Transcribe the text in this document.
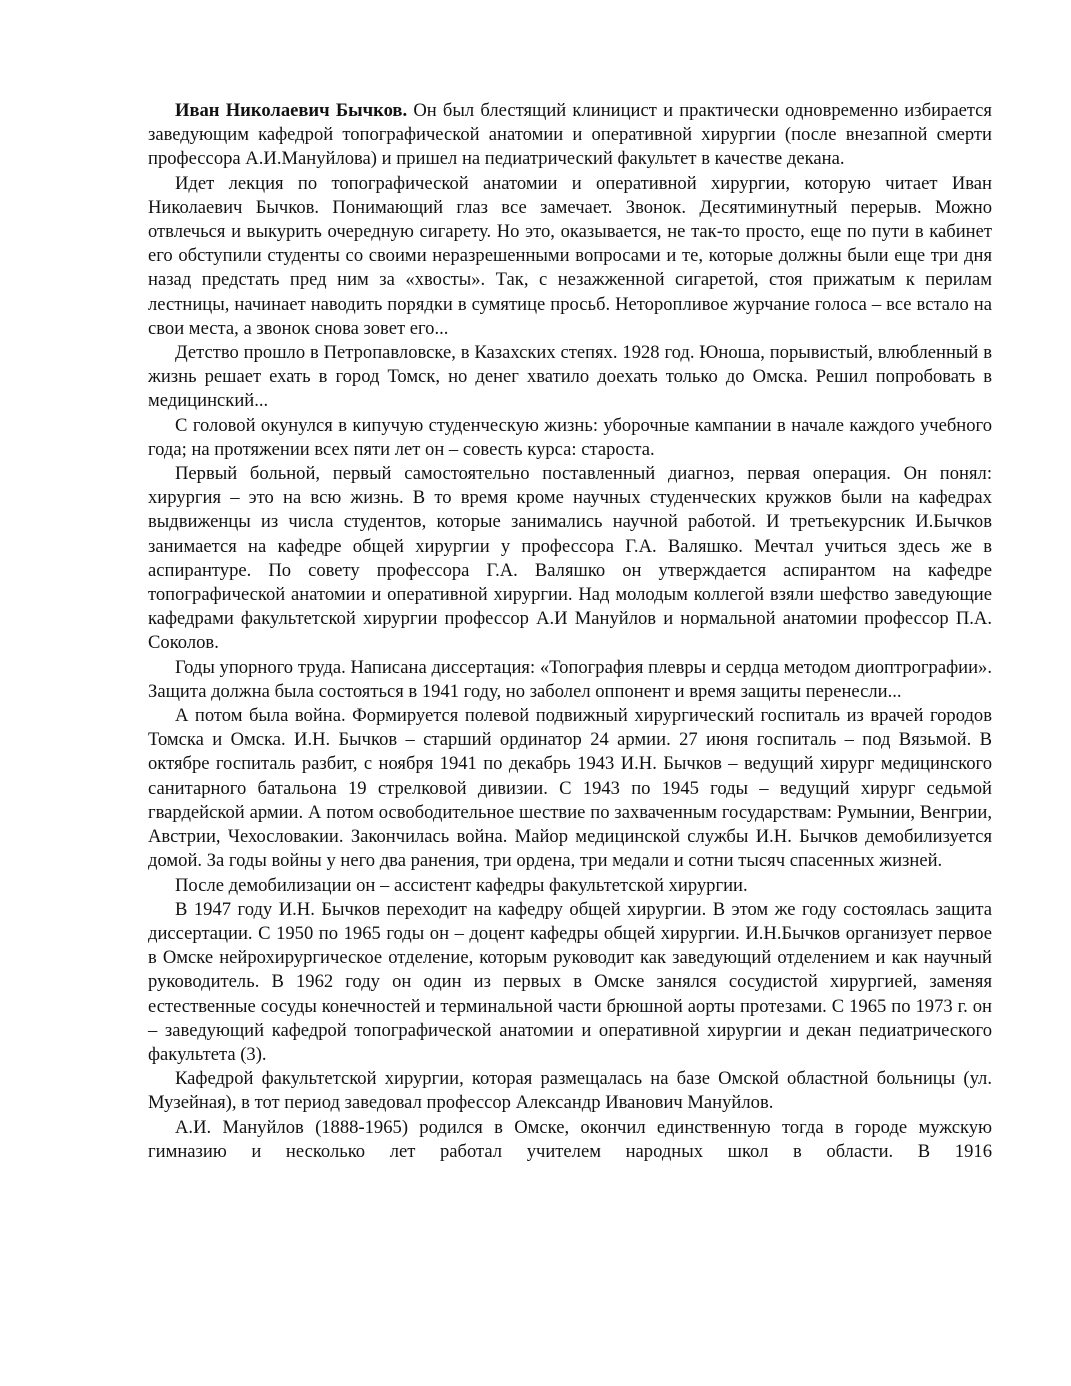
Иван Николаевич Бычков. Он был блестящий клиницист и практически одновременно избирается заведующим кафедрой топографической анатомии и оперативной хирургии (после внезапной смерти профессора А.И.Мануйлова) и пришел на педиатрический факультет в качестве декана.

Идет лекция по топографической анатомии и оперативной хирургии, которую читает Иван Николаевич Бычков. Понимающий глаз все замечает. Звонок. Десятиминутный перерыв. Можно отвлечься и выкурить очередную сигарету. Но это, оказывается, не так-то просто, еще по пути в кабинет его обступили студенты со своими неразрешенными вопросами и те, которые должны были еще три дня назад предстать пред ним за «хвосты». Так, с незажженной сигаретой, стоя прижатым к перилам лестницы, начинает наводить порядки в сумятице просьб. Неторопливое журчание голоса – все встало на свои места, а звонок снова зовет его...

Детство прошло в Петропавловске, в Казахских степях. 1928 год. Юноша, порывистый, влюбленный в жизнь решает ехать в город Томск, но денег хватило доехать только до Омска. Решил попробовать в медицинский...

С головой окунулся в кипучую студенческую жизнь: уборочные кампании в начале каждого учебного года; на протяжении всех пяти лет он – совесть курса: староста.

Первый больной, первый самостоятельно поставленный диагноз, первая операция. Он понял: хирургия – это на всю жизнь. В то время кроме научных студенческих кружков были на кафедрах выдвиженцы из числа студентов, которые занимались научной работой. И третьекурсник И.Бычков занимается на кафедре общей хирургии у профессора Г.А. Валяшко. Мечтал учиться здесь же в аспирантуре. По совету профессора Г.А. Валяшко он утверждается аспирантом на кафедре топографической анатомии и оперативной хирургии. Над молодым коллегой взяли шефство заведующие кафедрами факультетской хирургии профессор А.И Мануйлов и нормальной анатомии профессор П.А. Соколов.

Годы упорного труда. Написана диссертация: «Топография плевры и сердца методом диоптрографии». Защита должна была состояться в 1941 году, но заболел оппонент и время защиты перенесли...

А потом была война. Формируется полевой подвижный хирургический госпиталь из врачей городов Томска и Омска. И.Н. Бычков – старший ординатор 24 армии. 27 июня госпиталь – под Вязьмой. В октябре госпиталь разбит, с ноября 1941 по декабрь 1943 И.Н. Бычков – ведущий хирург медицинского санитарного батальона 19 стрелковой дивизии. С 1943 по 1945 годы – ведущий хирург седьмой гвардейской армии. А потом освободительное шествие по захваченным государствам: Румынии, Венгрии, Австрии, Чехословакии. Закончилась война. Майор медицинской службы И.Н. Бычков демобилизуется домой. За годы войны у него два ранения, три ордена, три медали и сотни тысяч спасенных жизней.

После демобилизации он – ассистент кафедры факультетской хирургии.

В 1947 году И.Н. Бычков переходит на кафедру общей хирургии. В этом же году состоялась защита диссертации. С 1950 по 1965 годы он – доцент кафедры общей хирургии. И.Н.Бычков организует первое в Омске нейрохирургическое отделение, которым руководит как заведующий отделением и как научный руководитель. В 1962 году он один из первых в Омске занялся сосудистой хирургией, заменяя естественные сосуды конечностей и терминальной части брюшной аорты протезами. С 1965 по 1973 г. он – заведующий кафедрой топографической анатомии и оперативной хирургии и декан педиатрического факультета (3).

Кафедрой факультетской хирургии, которая размещалась на базе Омской областной больницы (ул. Музейная), в тот период заведовал профессор Александр Иванович Мануйлов.

А.И. Мануйлов (1888-1965) родился в Омске, окончил единственную тогда в городе мужскую гимназию и несколько лет работал учителем народных школ в области. В 1916
